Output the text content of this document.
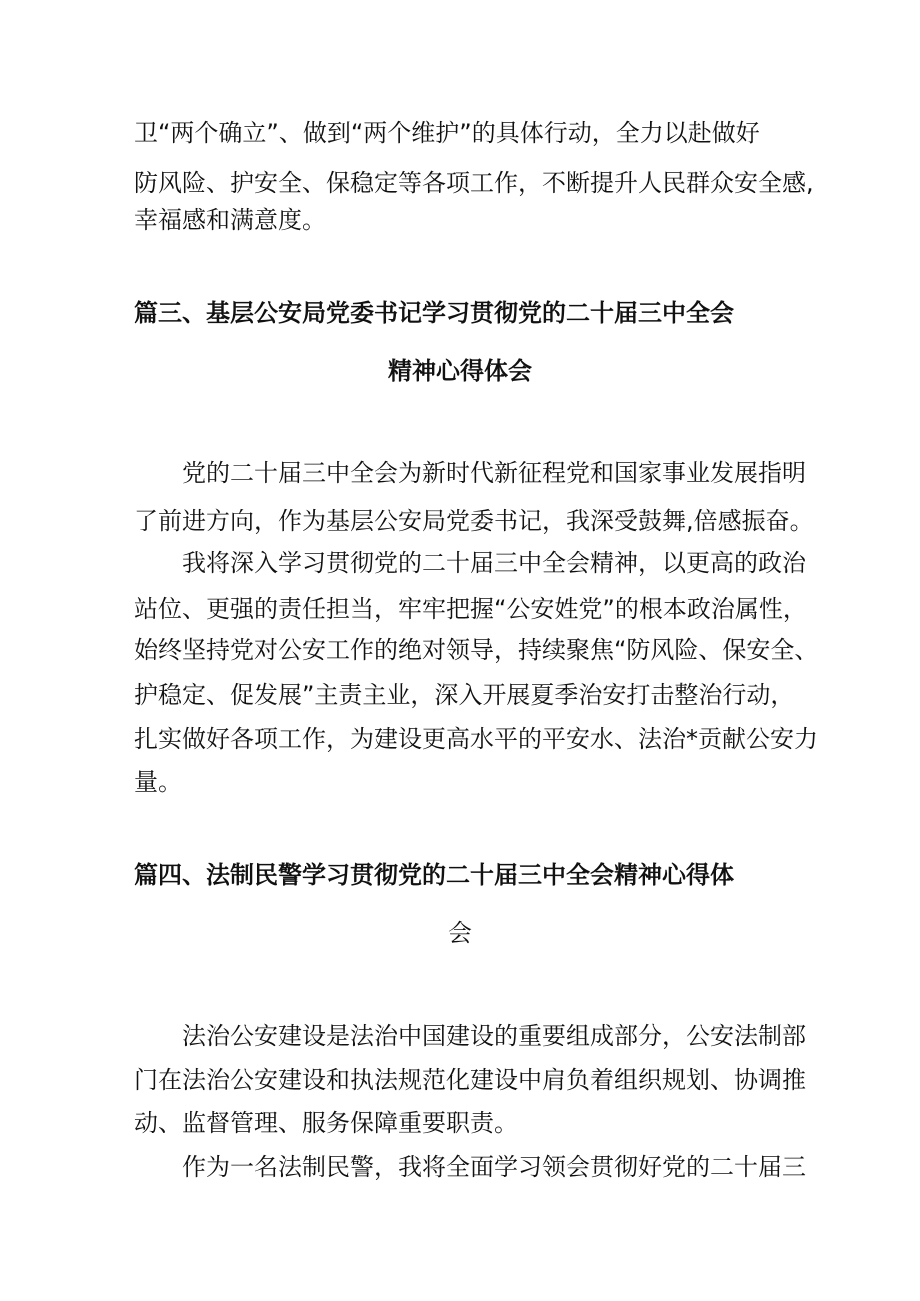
卫“两个确立”、做到“两个维护”的具体行动，全力以赴做好
防风险、护安全、保稳定等各项工作，不断提升人民群众安全感,
幸福感和满意度。
篇三、基层公安局党委书记学习贯彻党的二十届三中全会
精神心得体会
党的二十届三中全会为新时代新征程党和国家事业发展指明
了前进方向，作为基层公安局党委书记，我深受鼓舞,倍感振奋。
我将深入学习贯彻党的二十届三中全会精神，以更高的政治
站位、更强的责任担当，牢牢把握“公安姓党”的根本政治属性，
始终坚持党对公安工作的绝对领导，持续聚焦“防风险、保安全、
护稳定、促发展”主责主业，深入开展夏季治安打击整治行动，
扎实做好各项工作，为建设更高水平的平安水、法治*贡献公安力
量。
篇四、法制民警学习贯彻党的二十届三中全会精神心得体
会
法治公安建设是法治中国建设的重要组成部分，公安法制部
门在法治公安建设和执法规范化建设中肩负着组织规划、协调推
动、监督管理、服务保障重要职责。
作为一名法制民警，我将全面学习领会贯彻好党的二十届三
